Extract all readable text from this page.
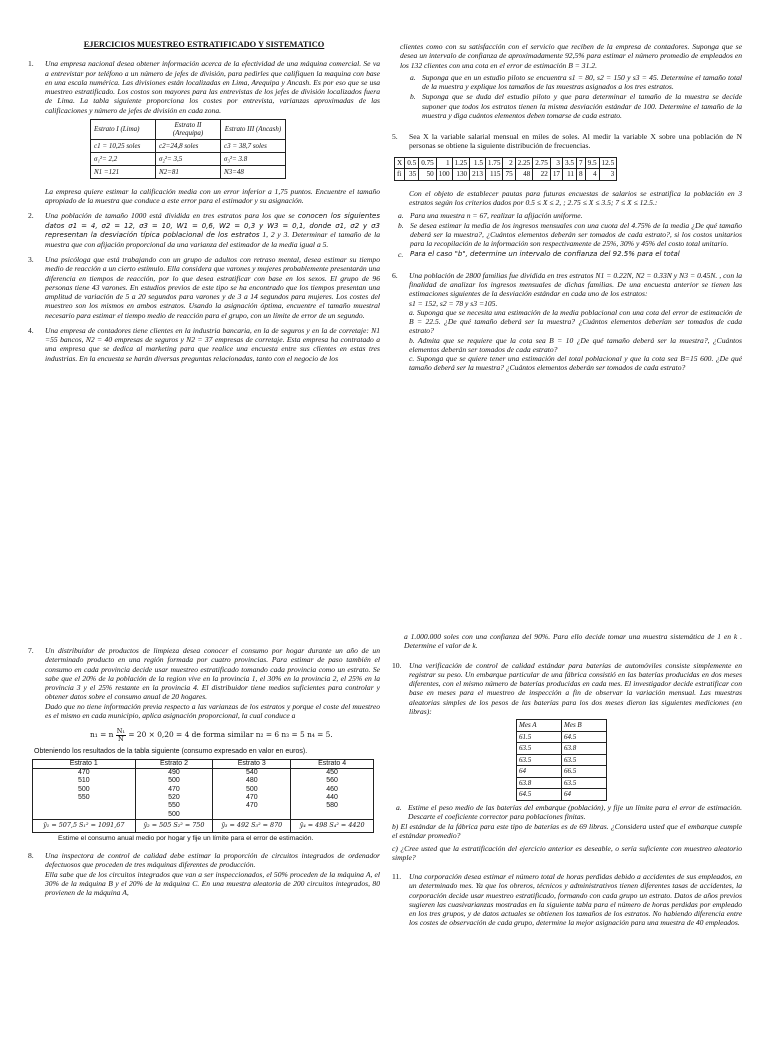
EJERCICIOS MUESTREO ESTRATIFICADO Y SISTEMATICO
1.	Una empresa nacional desea obtener información acerca de la efectividad de una máquina comercial. Se va a entrevistar por teléfono a un número de jefes de división, para pedirles que califiquen la maquina con base en una escala numérica. Las divisiones están localizadas en Lima, Arequipa y Ancash. Es por eso que se usa muestreo estratificado. Los costos son mayores para las entrevistas de los jefes de división localizados fuera de Lima. La tabla siguiente proporciona los costes por entrevista, varianzas aproximadas de las calificaciones y número de jefes de división en cada zona.
Estrato I (Lima)	Estrato II (Arequipa)	Estrato III (Ancash)
c1 = 10,25 soles	c2=24,8 soles	c3 = 38,7 soles
σ₁²= 2,2	σ₂²= 3,5	σ₃²= 3.8
N1 =121	N2=81	N3=48

La empresa quiere estimar la calificación media con un error inferior a 1,75 puntos. Encuentre el tamaño apropiado de la muestra que conduce a este error para el estimador y su asignación.

2.	Una población de tamaño 1000 está dividida en tres estratos para los que se conocen los siguientes datos σ1 = 4, σ2 = 12, σ3 = 10, W1 = 0,6, W2 = 0,3 y W3 = 0,1, donde σ1, σ2 y σ3 representan la desviación típica poblacional de los estratos 1, 2 y 3. Determinar el tamaño de la muestra que con afijación proporcional da una varianza del estimador de la media igual a 5.
3.	Una psicóloga que está trabajando con un grupo de adultos con retraso mental, desea estimar su tiempo medio de reacción a un cierto estímulo. Ella considera que varones y mujeres probablemente presentarán una diferencia en tiempos de reacción, por lo que desea estratificar con base en los sexos. El grupo de 96 personas tiene 43 varones. En estudios previos de este tipo se ha encontrado que los tiempos presentan una amplitud de variación de 5 a 20 segundos para varones y de 3 a 14 segundos para mujeres. Los costes del muestreo son los mismos en ambos estratos. Usando la asignación óptima, encuentre el tamaño muestral necesario para estimar el tiempo medio de reacción para el grupo, con un límite de error de un segundo.
4.	Una empresa de contadores tiene clientes en la industria bancaria, en la de seguros y en la de corretaje: N1 =55 bancos, N2 = 40 empresas de seguros y N2 = 37 empresas de corretaje. Esta empresa ha contratado a una empresa que se dedica al marketing para que realice una encuesta entre sus clientes en estas tres industrias. En la encuesta se harán diversas preguntas relacionadas, tanto con el negocio de los

clientes como con su satisfacción con el servicio que reciben de la empresa de contadores. Suponga que se desea un intervalo de confianza de aproximadamente 92,5% para estimar el número promedio de empleados en los 132 clientes con una cota en el error de estimación B = 31.2.

a. Suponga que en un estudio piloto se encuentra s1 = 80, s2 = 150 y s3 = 45. Determine el tamaño total de la muestra y explique los tamaños de las muestras asignados a los tres estratos.
b. Suponga que se duda del estudio piloto y que para determinar el tamaño de la muestra se decide suponer que todos los estratos tienen la misma desviación estándar de 100. Determine el tamaño de la muestra y diga cuántos elementos deben tomarse de cada estrato.
5.	Sea X la variable salarial mensual en miles de soles. Al medir la variable X sobre una población de N personas se obtiene la siguiente distribución de frecuencias.
X	0.5	0.75	1	1.25	1.5	1.75	2	2.25	2.75	3	3.5	7	9.5	12.5
fi	35	50	100	130	213	115	75	48	22	17	11	8	4	3

Con el objeto de establecer pautas para futuras encuestas de salarios se estratifica la población en 3 estratos según los criterios dados por 0.5 ≤ X ≤ 2, ; 2.75 ≤ X ≤ 3.5; 7 ≤ X ≤ 12.5.:

a. Para una muestra n = 67, realizar la afijación uniforme.
b. Se desea estimar la media de los ingresos mensuales con una cuota del 4.75% de la media ¿De qué tamaño deberá ser la muestra?, ¿Cuántos elementos deberán ser tomados de cada estrato?, si los costos unitarios para la recopilación de la información son respectivamente de 25%, 30% y 45% del costo total unitario.
c. Para el caso "b", determine un intervalo de confianza del 92.5% para el total
6.	Una población de 2800 familias fue dividida en tres estratos N1 = 0.22N, N2 = 0.33N y N3 = 0.45N. , con la finalidad de analizar los ingresos mensuales de dichas familias. De una encuesta anterior se tienen las estimaciones siguientes de la desviación estándar en cada uno de los estratos:
s1 = 152, s2 = 78 y s3 =105.
a. Suponga que se necesita una estimación de la media poblacional con una cota del error de estimación de B = 22.5. ¿De qué tamaño deberá ser la muestra? ¿Cuántos elementos deberían ser tomados de cada estrato?
b. Admita que se requiere que la cota sea B = 10 ¿De qué tamaño deberá ser la muestra?, ¿Cuántos elementos deberán ser tomados de cada estrato?
c. Suponga que se quiere tener una estimación del total poblacional y que la cota sea B=15 600. ¿De qué tamaño deberá ser la muestra? ¿Cuántos elementos deberán ser tomados de cada estrato?
7.	Un distribuidor de productos de limpieza desea conocer el consumo por hogar durante un año de un determinado producto en una región formada por cuatro provincias. Para estimar de paso también el consumo en cada provincia decide usar muestreo estratificado tomando cada provincia como un estrato. Se sabe que el 20% de la población de la region vive en la provincia 1, el 30% en la provincia 2, el 25% en la provincia 3 y el 25% restante en la provincia 4. El distribuidor tiene medios suficientes para controlar y obtener datos sobre el consumo anual de 20 hogares.
Dado que no tiene información previa respecto a las varianzas de los estratos y porque el coste del muestreo es el mismo en cada municipio, aplica asignación proporcional, la cual conduce a
n₁ = n $\frac{\text{N₁}}{N} = 20 \times 0,20 = 4$ de forma similar n₂ = 6 n₃ = 5 n₄ = 5.
Obteniendo los resultados de la tabla siguiente (consumo expresado en valor en euros).
Estrato 1	Estrato 2	Estrato 3	Estrato 4
470	490	540	450
510	500	480	560
500	470	500	460
550	520	470	440
	550	470	580
	500		
ȳ₁ = 507,5 S₁² = 1091,67	ȳ₂ = 505 S₂² = 750	ȳ₃ = 492 S₃² = 870	ȳ₄ = 498 S₄² = 4420
Estime el consumo anual medio por hogar y fije un límite para el error de estimación.
8.	Una inspectora de control de calidad debe estimar la proporción de circuitos integrados de ordenador defectuosos que proceden de tres máquinas diferentes de producción.
Ella sabe que de los circuitos integrados que van a ser inspeccionados, el 50% proceden de la máquina A, el 30% de la máquina B y el 20% de la máquina C. En una muestra aleatoria de 200 circuitos integrados, 80 provienen de la máquina A,

a 1.000.000 soles con una confianza del 90%. Para ello decide tomar una muestra sistemática de 1 en k . Determine el valor de k.

10. Una verificación de control de calidad estándar para baterías de automóviles consiste simplemente en registrar su peso. Un embarque particular de una fábrica consistió en las baterías producidas en dos meses diferentes, con el mismo número de baterías producidas en cada mes. El investigador decide estratificar con base en meses para el muestreo de inspección a fin de observar la variación mensual. Las muestras aleatorias simples de los pesos de las baterías para los dos meses dieron las siguientes mediciones (en libras):
Mes A	Mes B
61.5	64.5
63.5	63.8
63.5	63.5
64	66.5
63.8	63.5
64.5	64
a. Estime el peso medio de las baterías del embarque (población), y fije un límite para el error de estimación. Descarte el coeficiente corrector para poblaciones finitas.

b) El estándar de la fábrica para este tipo de baterías es de 69 libras. ¿Considera usted que el embarque cumple el estándar promedio?

c) ¿Cree usted que la estratificación del ejercicio anterior es deseable, o sería suficiente con muestreo aleatorio simple?

11.	Una corporación desea estimar el número total de horas perdidas debido a accidentes de sus empleados, en un determinado mes. Ya que los obreros, técnicos y administrativos tienen diferentes tasas de accidentes, la corporación decide usar muestreo estratificado, formando con cada grupo un estrato. Datos de años previos sugieren las cuasivarianzas mostradas en la siguiente tabla para el número de horas perdidas por empleado en los tres grupos, y de datos actuales se obtienen los tamaños de los estratos. No habiendo diferencia entre los costes de observación de cada grupo, determine la mejor asignación para una muestra de 40 empleados.
